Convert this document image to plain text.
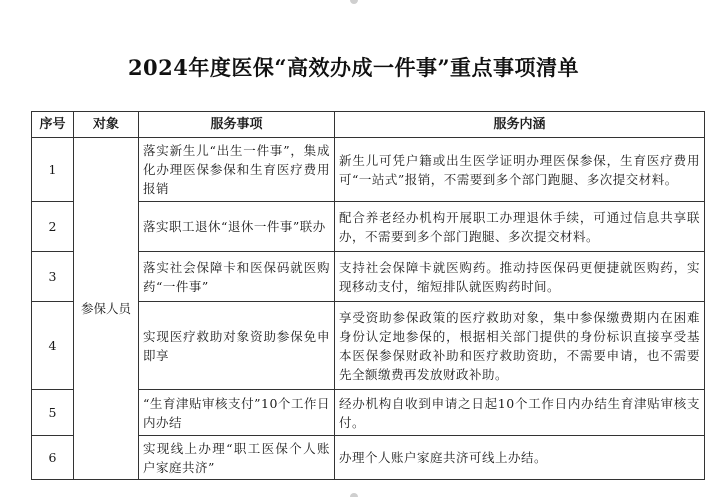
2024年度医保“高效办成一件事”重点事项清单
序号	对象	服务事项	服务内涵
1	参保人员	落实新生儿“出生一件事”，集成化办理医保参保和生育医疗费用报销	新生儿可凭户籍或出生医学证明办理医保参保，生育医疗费用可“一站式”报销，不需要到多个部门跑腿、多次提交材料。
2		落实职工退休“退休一件事”联办	配合养老经办机构开展职工办理退休手续，可通过信息共享联办，不需要到多个部门跑腿、多次提交材料。
3		落实社会保障卡和医保码就医购药“一件事”	支持社会保障卡就医购药。推动持医保码更便捷就医购药，实现移动支付，缩短排队就医购药时间。
4		实现医疗救助对象资助参保免申即享	享受资助参保政策的医疗救助对象，集中参保缴费期内在困难身份认定地参保的，根据相关部门提供的身份标识直接享受基本医保参保财政补助和医疗救助资助，不需要申请，也不需要先全额缴费再发放财政补助。
5		“生育津贴审核支付”10个工作日内办结	经办机构自收到申请之日起10个工作日内办结生育津贴审核支付。
6		实现线上办理“职工医保个人账户家庭共济”	办理个人账户家庭共济可线上办结。
